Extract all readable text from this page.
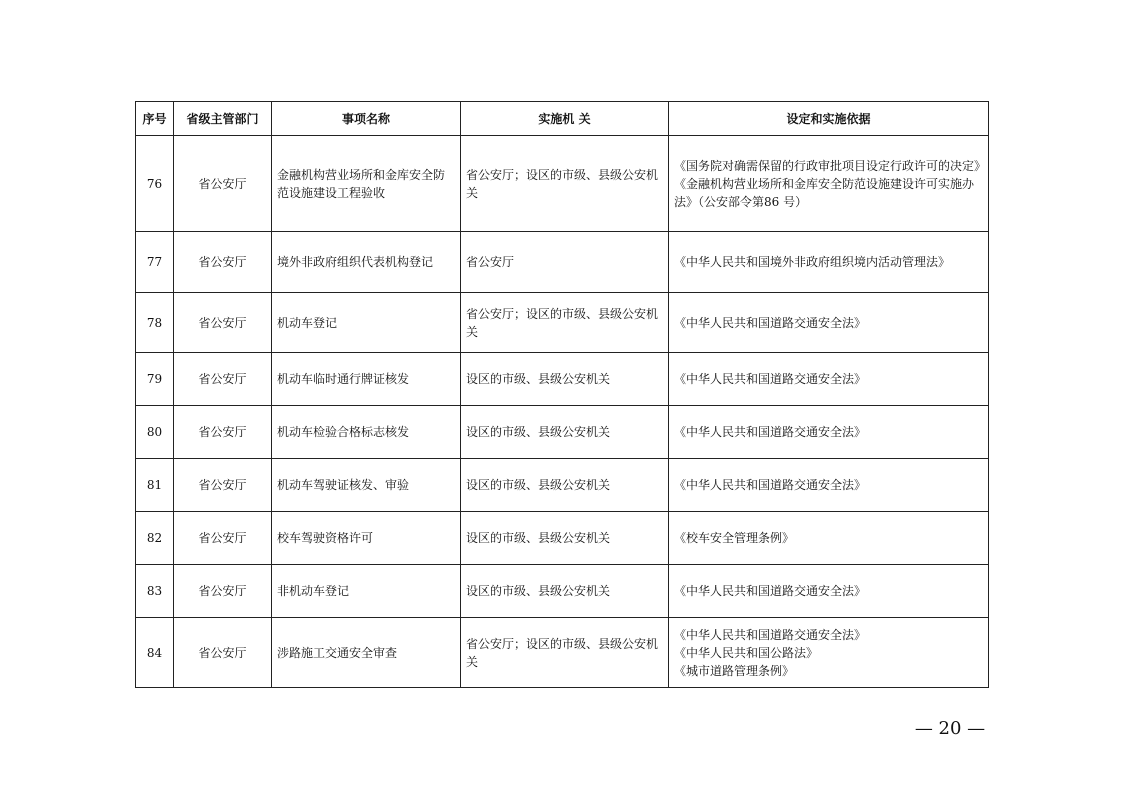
序号	省级主管部门	事项名称	实施机 关	设定和实施依据
76	省公安厅	金融机构营业场所和金库安全防范设施建设工程验收	省公安厅；设区的市级、县级公安机关	《国务院对确需保留的行政审批项目设定行政许可的决定》
《金融机构营业场所和金库安全防范设施建设许可实施办法》（公安部令第86 号）

77	省公安厅	境外非政府组织代表机构登记	省公安厅	《中华人民共和国境外非政府组织境内活动管理法》

78	省公安厅	机动车登记	省公安厅；设区的市级、县级公安机关	《中华人民共和国道路交通安全法》

79	省公安厅	机动车临时通行牌证核发	设区的市级、县级公安机关	《中华人民共和国道路交通安全法》

80	省公安厅	机动车检验合格标志核发	设区的市级、县级公安机关	《中华人民共和国道路交通安全法》

81	省公安厅	机动车驾驶证核发、审验	设区的市级、县级公安机关	《中华人民共和国道路交通安全法》

82	省公安厅	校车驾驶资格许可	设区的市级、县级公安机关	《校车安全管理条例》

83	省公安厅	非机动车登记	设区的市级、县级公安机关	《中华人民共和国道路交通安全法》

84	省公安厅	涉路施工交通安全审查	省公安厅；设区的市级、县级公安机关	《中华人民共和国道路交通安全法》
《中华人民共和国公路法》
《城市道路管理条例》
— 20 —
